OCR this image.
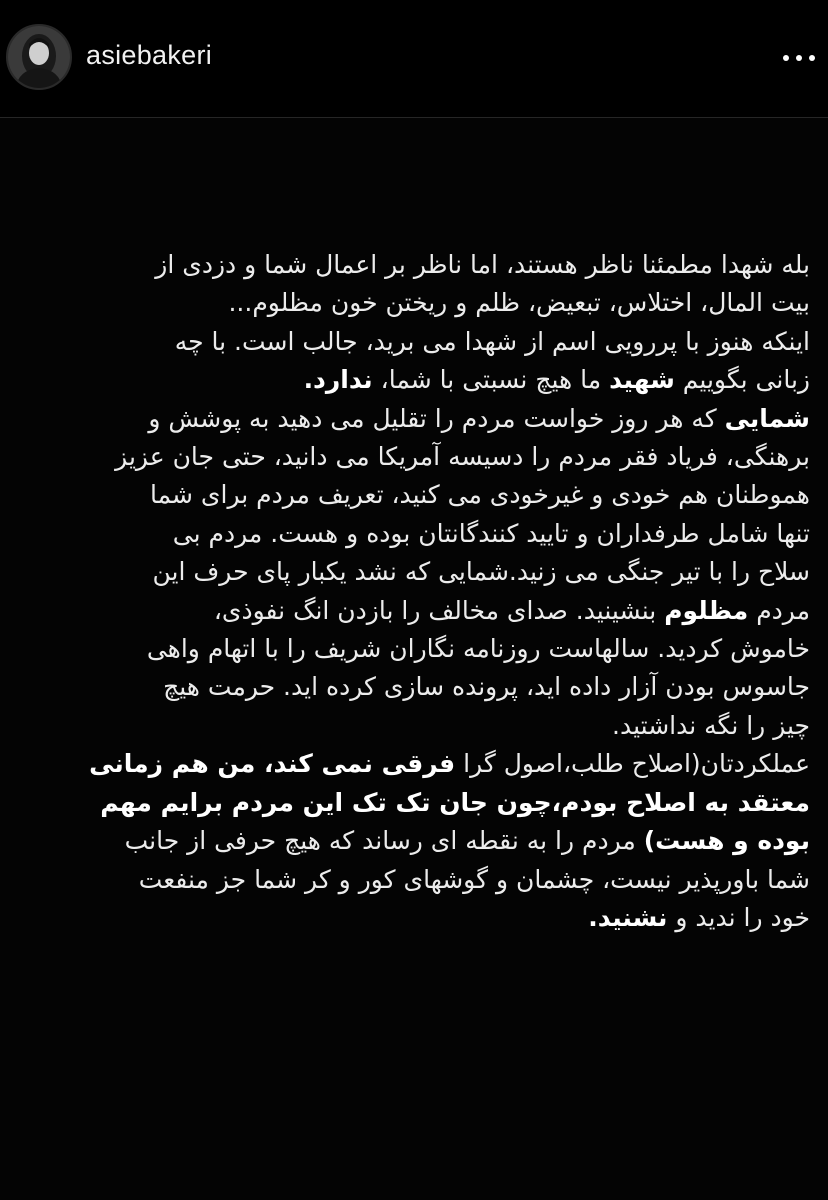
asiebakeri
بله شهدا مطمئنا ناظر هستند، اما ناظر بر اعمال شما و دزدی از
بیت المال، اختلاس، تبعیض، ظلم و ریختن خون مظلوم...
اینکه هنوز با پررویی اسم از شهدا می برید، جالب است. با چه
زبانی بگوییم شهید ما هیچ نسبتی با شما، ندارد.
شمایی که هر روز خواست مردم را تقلیل می دهید به پوشش و
برهنگی، فریاد فقر مردم را دسیسه آمریکا می دانید، حتی جان عزیز
هموطنان هم خودی و غیرخودی می کنید، تعریف مردم برای شما
تنها شامل طرفداران و تایید کنندگانتان بوده و هست. مردم بی
سلاح را با تیر جنگی می زنید.شمایی که نشد یکبار پای حرف این
مردم مظلوم بنشینید. صدای مخالف را بازدن انگ نفوذی،
خاموش کردید. سالهاست روزنامه نگاران شریف را با اتهام واهی
جاسوس بودن آزار داده اید، پرونده سازی کرده اید. حرمت هیچ
چیز را نگه نداشتید.
عملکردتان(اصلاح طلب،اصول گرا فرقی نمی کند، من هم زمانی
معتقد به اصلاح بودم،چون جان تک تک این مردم برایم مهم
بوده و هست) مردم را به نقطه ای رساند که هیچ حرفی از جانب
شما باورپذیر نیست، چشمان و گوشهای کور و کر شما جز منفعت
خود را ندید و نشنید.
